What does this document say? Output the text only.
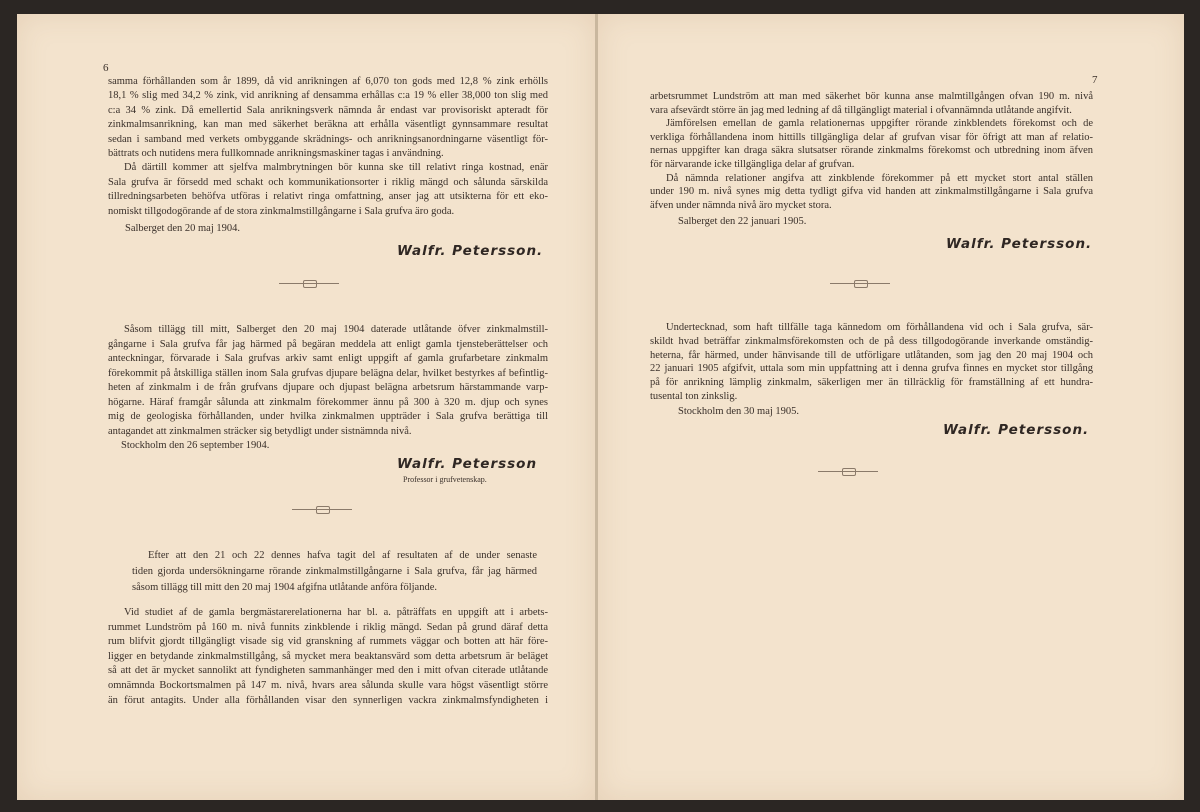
6
samma förhållanden som år 1899, då vid anrikningen af 6,070 ton gods med 12,8 % zink erhölls
18,1 % slig med 34,2 % zink, vid anrikning af densamma erhållas c:a 19 % eller 38,000 ton slig med
c:a 34 % zink. Då emellertid Sala anrikningsverk nämnda år endast var provisoriskt apteradt för
zinkmalmsanrikning, kan man med säkerhet beräkna att erhålla väsentligt gynnsammare resultat
sedan i samband med verkets ombyggande skrädnings- och anrikningsanordningarne väsentligt för-
bättrats och nutidens mera fullkomnade anrikningsmaskiner tagas i användning.
Då därtill kommer att sjelfva malmbrytningen bör kunna ske till relativt ringa kostnad, enär
Sala grufva är försedd med schakt och kommunikationsorter i riklig mängd och sålunda särskilda
tillredningsarbeten behöfva utföras i relativt ringa omfattning, anser jag att utsikterna för ett eko-
nomiskt tillgodogörande af de stora zinkmalmstillgångarne i Sala grufva äro goda.
Salberget den 20 maj 1904.
Walfr. Petersson.
Såsom tillägg till mitt, Salberget den 20 maj 1904 daterade utlåtande öfver zinkmalmstill-
gångarne i Sala grufva får jag härmed på begäran meddela att enligt gamla tjensteberättelser och
anteckningar, förvarade i Sala grufvas arkiv samt enligt uppgift af gamla grufarbetare zinkmalm
förekommit på åtskilliga ställen inom Sala grufvas djupare belägna delar, hvilket bestyrkes af befintlig-
heten af zinkmalm i de från grufvans djupare och djupast belägna arbetsrum härstammande varp-
högarne. Häraf framgår sålunda att zinkmalm förekommer ännu på 300 à 320 m. djup och synes
mig de geologiska förhållanden, under hvilka zinkmalmen uppträder i Sala grufva berättiga till
antagandet att zinkmalmen sträcker sig betydligt under sistnämnda nivå.
Stockholm den 26 september 1904.
Walfr. Petersson
Professor i grufvetenskap.
Efter att den 21 och 22 dennes hafva tagit del af resultaten af de under senaste
tiden gjorda undersökningarne rörande zinkmalmstillgångarne i Sala grufva, får jag härmed
såsom tillägg till mitt den 20 maj 1904 afgifna utlåtande anföra följande.
Vid studiet af de gamla bergmästarerelationerna har bl. a. påträffats en uppgift att i arbets-
rummet Lundström på 160 m. nivå funnits zinkblende i riklig mängd. Sedan på grund däraf detta
rum blifvit gjordt tillgängligt visade sig vid granskning af rummets väggar och botten att här före-
ligger en betydande zinkmalmstillgång, så mycket mera beaktansvärd som detta arbetsrum är beläget
så att det är mycket sannolikt att fyndigheten sammanhänger med den i mitt ofvan citerade utlåtande
omnämnda Bockortsmalmen på 147 m. nivå, hvars area sålunda skulle vara högst väsentligt större
än förut antagits. Under alla förhållanden visar den synnerligen vackra zinkmalmsfyndigheten i
7
arbetsrummet Lundström att man med säkerhet bör kunna anse malmtillgången ofvan 190 m. nivå
vara afsevärdt större än jag med ledning af då tillgängligt material i ofvannämnda utlåtande angifvit.
Jämförelsen emellan de gamla relationernas uppgifter rörande zinkblendets förekomst och de
verkliga förhållandena inom hittills tillgängliga delar af grufvan visar för öfrigt att man af relatio-
nernas uppgifter kan draga säkra slutsatser rörande zinkmalms förekomst och utbredning inom äfven
för närvarande icke tillgängliga delar af grufvan.
Då nämnda relationer angifva att zinkblende förekommer på ett mycket stort antal ställen
under 190 m. nivå synes mig detta tydligt gifva vid handen att zinkmalmstillgångarne i Sala grufva
äfven under nämnda nivå äro mycket stora.
Salberget den 22 januari 1905.
Walfr. Petersson.
Undertecknad, som haft tillfälle taga kännedom om förhållandena vid och i Sala grufva, sär-
skildt hvad beträffar zinkmalmsförekomsten och de på dess tillgodogörande inverkande omständig-
heterna, får härmed, under hänvisande till de utförligare utlåtanden, som jag den 20 maj 1904 och
22 januari 1905 afgifvit, uttala som min uppfattning att i denna grufva finnes en mycket stor tillgång
på för anrikning lämplig zinkmalm, säkerligen mer än tillräcklig för framställning af ett hundra-
tusental ton zinkslig.
Stockholm den 30 maj 1905.
Walfr. Petersson.
